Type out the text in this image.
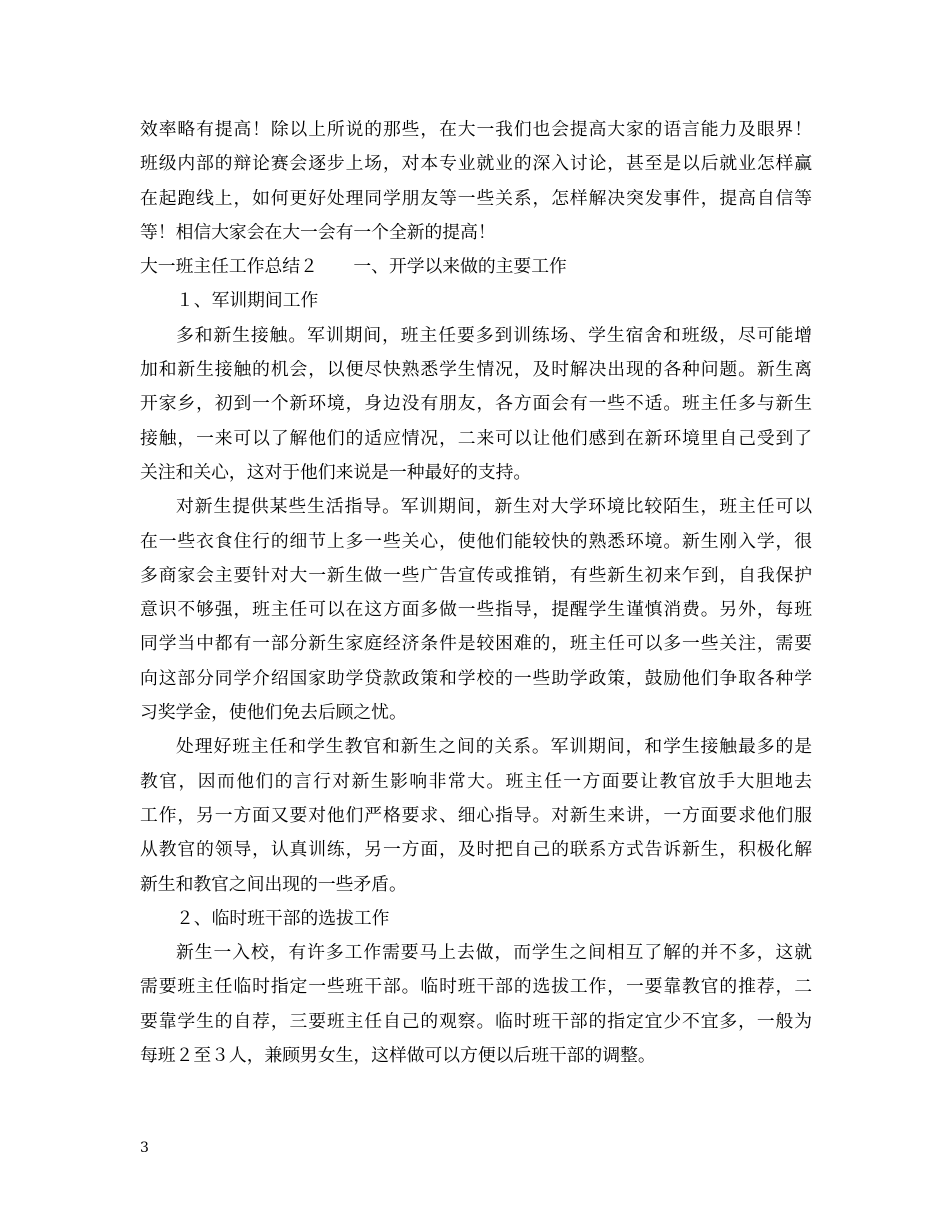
效率略有提高！除以上所说的那些，在大一我们也会提高大家的语言能力及眼界！
班级内部的辩论赛会逐步上场，对本专业就业的深入讨论，甚至是以后就业怎样赢
在起跑线上，如何更好处理同学朋友等一些关系，怎样解决突发事件，提高自信等
等！相信大家会在大一会有一个全新的提高！
大一班主任工作总结２　　一、开学以来做的主要工作
１、军训期间工作
多和新生接触。军训期间，班主任要多到训练场、学生宿舍和班级，尽可能增
加和新生接触的机会，以便尽快熟悉学生情况，及时解决出现的各种问题。新生离
开家乡，初到一个新环境，身边没有朋友，各方面会有一些不适。班主任多与新生
接触，一来可以了解他们的适应情况，二来可以让他们感到在新环境里自己受到了
关注和关心，这对于他们来说是一种最好的支持。
对新生提供某些生活指导。军训期间，新生对大学环境比较陌生，班主任可以
在一些衣食住行的细节上多一些关心，使他们能较快的熟悉环境。新生刚入学，很
多商家会主要针对大一新生做一些广告宣传或推销，有些新生初来乍到，自我保护
意识不够强，班主任可以在这方面多做一些指导，提醒学生谨慎消费。另外，每班
同学当中都有一部分新生家庭经济条件是较困难的，班主任可以多一些关注，需要
向这部分同学介绍国家助学贷款政策和学校的一些助学政策，鼓励他们争取各种学
习奖学金，使他们免去后顾之忧。
处理好班主任和学生教官和新生之间的关系。军训期间，和学生接触最多的是
教官，因而他们的言行对新生影响非常大。班主任一方面要让教官放手大胆地去
工作，另一方面又要对他们严格要求、细心指导。对新生来讲，一方面要求他们服
从教官的领导，认真训练，另一方面，及时把自己的联系方式告诉新生，积极化解
新生和教官之间出现的一些矛盾。
２、临时班干部的选拔工作
新生一入校，有许多工作需要马上去做，而学生之间相互了解的并不多，这就
需要班主任临时指定一些班干部。临时班干部的选拔工作，一要靠教官的推荐，二
要靠学生的自荐，三要班主任自己的观察。临时班干部的指定宜少不宜多，一般为
每班２至３人，兼顾男女生，这样做可以方便以后班干部的调整。
3
